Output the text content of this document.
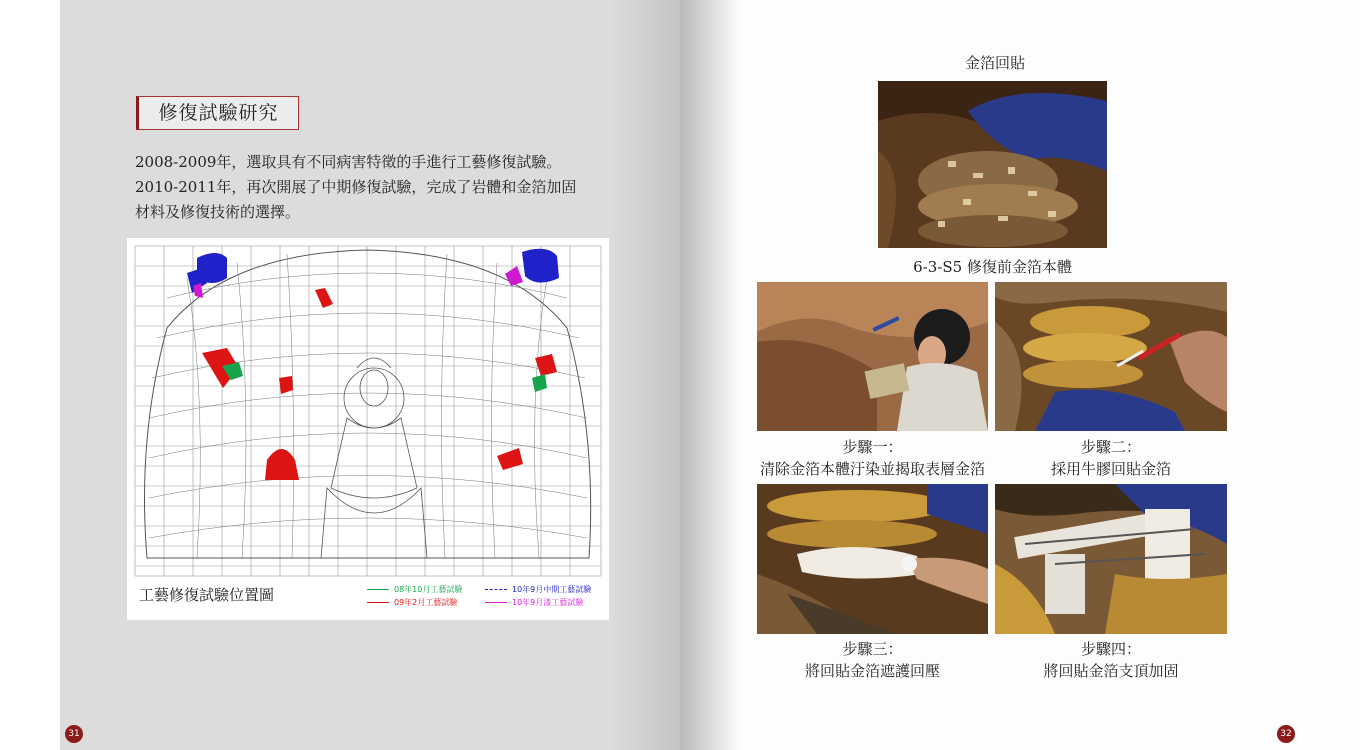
修復試驗研究
2008-2009年，選取具有不同病害特徵的手進行工藝修復試驗。
2010-2011年，再次開展了中期修復試驗，完成了岩體和金箔加固
材料及修復技術的選擇。
工藝修復試驗位置圖	08年10月工藝試驗	10年9月中期工藝試驗
09年2月工藝試驗	10年9月漆工藝試驗
31
金箔回貼
6-3-S5 修復前金箔本體
步驟一：
清除金箔本體汙染並揭取表層金箔
步驟二：
採用牛膠回貼金箔
步驟三：
將回貼金箔遮護回壓
步驟四：
將回貼金箔支頂加固
32
